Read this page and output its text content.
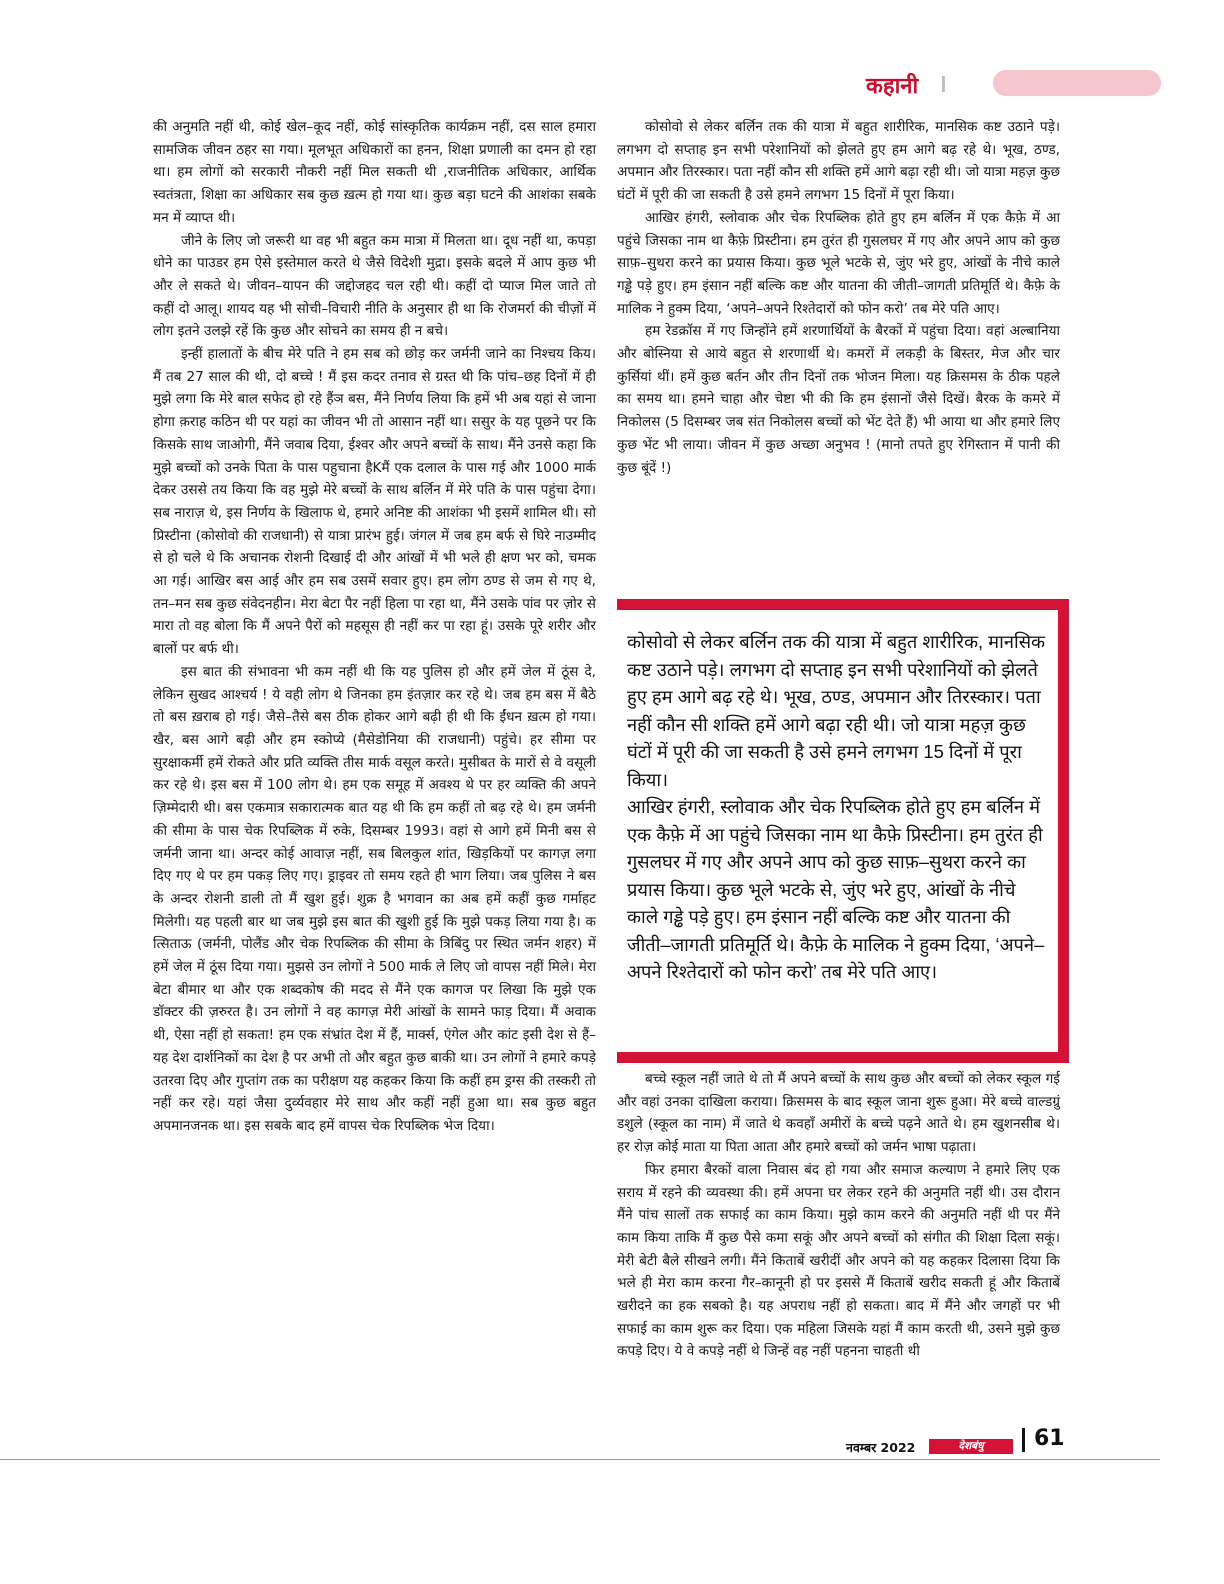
कहानी

की अनुमति नहीं थी, कोई खेल–कूद नहीं, कोई सांस्कृतिक कार्यक्रम नहीं, दस साल हमारा सामजिक जीवन ठहर सा गया। मूलभूत अधिकारों का हनन, शिक्षा प्रणाली का दमन हो रहा था। हम लोगों को सरकारी नौकरी नहीं मिल सकती थी ,राजनीतिक अधिकार, आर्थिक स्वतंत्रता, शिक्षा का अधिकार सब कुछ ख़त्म हो गया था। कुछ बड़ा घटने की आशंका सबके मन में व्याप्त थी।

जीने के लिए जो जरूरी था वह भी बहुत कम मात्रा में मिलता था। दूध नहीं था, कपड़ा धोने का पाउडर हम ऐसे इस्तेमाल करते थे जैसे विदेशी मुद्रा। इसके बदले में आप कुछ भी और ले सकते थे। जीवन–यापन की जद्दोजहद चल रही थी। कहीं दो प्याज मिल जाते तो कहीं दो आलू। शायद यह भी सोची–विचारी नीति के अनुसार ही था कि रोजमर्रा की चीज़ों में लोग इतने उलझे रहें कि कुछ और सोचने का समय ही न बचे।

इन्हीं हालातों के बीच मेरे पति ने हम सब को छोड़ कर जर्मनी जाने का निश्चय किय। मैं तब 27 साल की थी, दो बच्चे ! मैं इस कदर तनाव से ग्रस्त थी कि पांच–छह दिनों में ही मुझे लगा कि मेरे बाल सफेद हो रहे हैंञ बस, मैंने निर्णय लिया कि हमें भी अब यहां से जाना होगा क़राह कठिन थी पर यहां का जीवन भी तो आसान नहीं था। ससुर के यह पूछने पर कि किसके साथ जाओगी, मैंने जवाब दिया, ईश्वर और अपने बच्चों के साथ। मैंने उनसे कहा कि मुझे बच्चों को उनके पिता के पास पहुचाना हैΚमैं एक दलाल के पास गई और 1000 मार्क देकर उससे तय किया कि वह मुझे मेरे बच्चों के साथ बर्लिन में मेरे पति के पास पहुंचा देगा। सब नाराज़ थे, इस निर्णय के खिलाफ थे, हमारे अनिष्ट की आशंका भी इसमें शामिल थी। सो प्रिस्टीना (कोसोवो की राजधानी) से यात्रा प्रारंभ हुई। जंगल में जब हम बर्फ से घिरे नाउम्मीद से हो चले थे कि अचानक रोशनी दिखाई दी और आंखों में भी भले ही क्षण भर को, चमक आ गई। आखिर बस आई और हम सब उसमें सवार हुए। हम लोग ठण्ड से जम से गए थे, तन–मन सब कुछ संवेदनहीन। मेरा बेटा पैर नहीं हिला पा रहा था, मैंने उसके पांव पर ज़ोर से मारा तो वह बोला कि मैं अपने पैरों को महसूस ही नहीं कर पा रहा हूं। उसके पूरे शरीर और बालों पर बर्फ थी।

इस बात की संभावना भी कम नहीं थी कि यह पुलिस हो और हमें जेल में ठूंस दे, लेकिन सुखद आश्चर्य ! ये वही लोग थे जिनका हम इंतज़ार कर रहे थे। जब हम बस में बैठे तो बस ख़राब हो गई। जैसे–तैसे बस ठीक होकर आगे बढ़ी ही थी कि ईंधन ख़त्म हो गया। खैर, बस आगे बढ़ी और हम स्कोप्ये (मैसेडोनिया की राजधानी) पहुंचे। हर सीमा पर सुरक्षाकर्मी हमें रोकते और प्रति व्यक्ति तीस मार्क वसूल करते। मुसीबत के मारों से वे वसूली कर रहे थे। इस बस में 100 लोग थे। हम एक समूह में अवश्य थे पर हर व्यक्ति की अपने ज़िम्मेदारी थी। बस एकमात्र सकारात्मक बात यह थी कि हम कहीं तो बढ़ रहे थे। हम जर्मनी की सीमा के पास चेक रिपब्लिक में रुके, दिसम्बर 1993। वहां से आगे हमें मिनी बस से जर्मनी जाना था। अन्दर कोई आवाज़ नहीं, सब बिलकुल शांत, खिड़कियों पर कागज़ लगा दिए गए थे पर हम पकड़ लिए गए। ड्राइवर तो समय रहते ही भाग लिया। जब पुलिस ने बस के अन्दर रोशनी डाली तो मैं खुश हुई। शुक्र है भगवान का अब हमें कहीं कुछ गर्माहट मिलेगी। यह पहली बार था जब मुझे इस बात की खुशी हुई कि मुझे पकड़ लिया गया है। क त्सिताऊ (जर्मनी, पोलैंड और चेक रिपब्लिक की सीमा के त्रिबिंदु पर स्थित जर्मन शहर) में हमें जेल में ठूंस दिया गया। मुझसे उन लोगों ने 500 मार्क ले लिए जो वापस नहीं मिले। मेरा बेटा बीमार था और एक शब्दकोष की मदद से मैंने एक कागज पर लिखा कि मुझे एक डॉक्टर की ज़रुरत है। उन लोगों ने वह कागज़ मेरी आंखों के सामने फाड़ दिया। मैं अवाक थी, ऐसा नहीं हो सकता! हम एक संभ्रांत देश में हैं, मार्क्स, एंगेल और कांट इसी देश से हैं– यह देश दार्शनिकों का देश है पर अभी तो और बहुत कुछ बाकी था। उन लोगों ने हमारे कपड़े उतरवा दिए और गुप्तांग तक का परीक्षण यह कहकर किया कि कहीं हम ड्रग्स की तस्करी तो नहीं कर रहे। यहां जैसा दुर्व्यवहार मेरे साथ और कहीं नहीं हुआ था। सब कुछ बहुत अपमानजनक था। इस सबके बाद हमें वापस चेक रिपब्लिक भेज दिया।

कोसोवो से लेकर बर्लिन तक की यात्रा में बहुत शारीरिक, मानसिक कष्ट उठाने पड़े। लगभग दो सप्ताह इन सभी परेशानियों को झेलते हुए हम आगे बढ़ रहे थे। भूख, ठण्ड, अपमान और तिरस्कार। पता नहीं कौन सी शक्ति हमें आगे बढ़ा रही थी। जो यात्रा महज़ कुछ घंटों में पूरी की जा सकती है उसे हमने लगभग 15 दिनों में पूरा किया।

आखिर हंगरी, स्लोवाक और चेक रिपब्लिक होते हुए हम बर्लिन में एक कैफ़े में आ पहुंचे जिसका नाम था कैफ़े प्रिस्टीना। हम तुरंत ही गुसलघर में गए और अपने आप को कुछ साफ़–सुथरा करने का प्रयास किया। कुछ भूले भटके से, जुंए भरे हुए, आंखों के नीचे काले गड्ढे पड़े हुए। हम इंसान नहीं बल्कि कष्ट और यातना की जीती–जागती प्रतिमूर्ति थे। कैफ़े के मालिक ने हुक्म दिया, ‘अपने–अपने रिश्तेदारों को फोन करो’ तब मेरे पति आए।

हम रेडक्रॉस में गए जिन्होंने हमें शरणार्थियों के बैरकों में पहुंचा दिया। वहां अल्बानिया और बोस्निया से आये बहुत से शरणार्थी थे। कमरों में लकड़ी के बिस्तर, मेज और चार कुर्सियां थीं। हमें कुछ बर्तन और तीन दिनों तक भोजन मिला। यह क्रिसमस के ठीक पहले का समय था। हमने चाहा और चेष्टा भी की कि हम इंसानों जैसे दिखें। बैरक के कमरे में निकोलस (5 दिसम्बर जब संत निकोलस बच्चों को भेंट देते हैं) भी आया था और हमारे लिए कुछ भेंट भी लाया। जीवन में कुछ अच्छा अनुभव ! (मानो तपते हुए रेगिस्तान में पानी की कुछ बूंदें !)

कोसोवो से लेकर बर्लिन तक की यात्रा में बहुत शारीरिक, मानसिक कष्ट उठाने पड़े। लगभग दो सप्ताह इन सभी परेशानियों को झेलते हुए हम आगे बढ़ रहे थे। भूख, ठण्ड, अपमान और तिरस्कार। पता नहीं कौन सी शक्ति हमें आगे बढ़ा रही थी। जो यात्रा महज़ कुछ घंटों में पूरी की जा सकती है उसे हमने लगभग 15 दिनों में पूरा किया।

आखिर हंगरी, स्लोवाक और चेक रिपब्लिक होते हुए हम बर्लिन में एक कैफ़े में आ पहुंचे जिसका नाम था कैफ़े प्रिस्टीना। हम तुरंत ही गुसलघर में गए और अपने आप को कुछ साफ़–सुथरा करने का प्रयास किया। कुछ भूले भटके से, जुंए भरे हुए, आंखों के नीचे काले गड्ढे पड़े हुए। हम इंसान नहीं बल्कि कष्ट और यातना की जीती–जागती प्रतिमूर्ति थे। कैफ़े के मालिक ने हुक्म दिया, ‘अपने–अपने रिश्तेदारों को फोन करो’ तब मेरे पति आए।

बच्चे स्कूल नहीं जाते थे तो मैं अपने बच्चों के साथ कुछ और बच्चों को लेकर स्कूल गई और वहां उनका दाखिला कराया। क्रिसमस के बाद स्कूल जाना शुरू हुआ। मेरे बच्चे वाल्डग्रुं डशुले (स्कूल का नाम) में जाते थे कवहाँ अमीरों के बच्चे पढ़ने आते थे। हम खुशनसीब थे। हर रोज़ कोई माता या पिता आता और हमारे बच्चों को जर्मन भाषा पढ़ाता।

फिर हमारा बैरकों वाला निवास बंद हो गया और समाज कल्याण ने हमारे लिए एक सराय में रहने की व्यवस्था की। हमें अपना घर लेकर रहने की अनुमति नहीं थी। उस दौरान मैंने पांच सालों तक सफाई का काम किया। मुझे काम करने की अनुमति नहीं थी पर मैंने काम किया ताकि मैं कुछ पैसे कमा सकूं और अपने बच्चों को संगीत की शिक्षा दिला सकूं। मेरी बेटी बैले सीखने लगी। मैंने किताबें खरीदीं और अपने को यह कहकर दिलासा दिया कि भले ही मेरा काम करना गैर–कानूनी हो पर इससे मैं किताबें खरीद सकती हूं और किताबें खरीदने का हक सबको है। यह अपराध नहीं हो सकता। बाद में मैंने और जगहों पर भी सफाई का काम शुरू कर दिया। एक महिला जिसके यहां मैं काम करती थी, उसने मुझे कुछ कपड़े दिए। ये वे कपड़े नहीं थे जिन्हें वह नहीं पहनना चाहती थी

नवम्बर 2022	देशबंधु	61
